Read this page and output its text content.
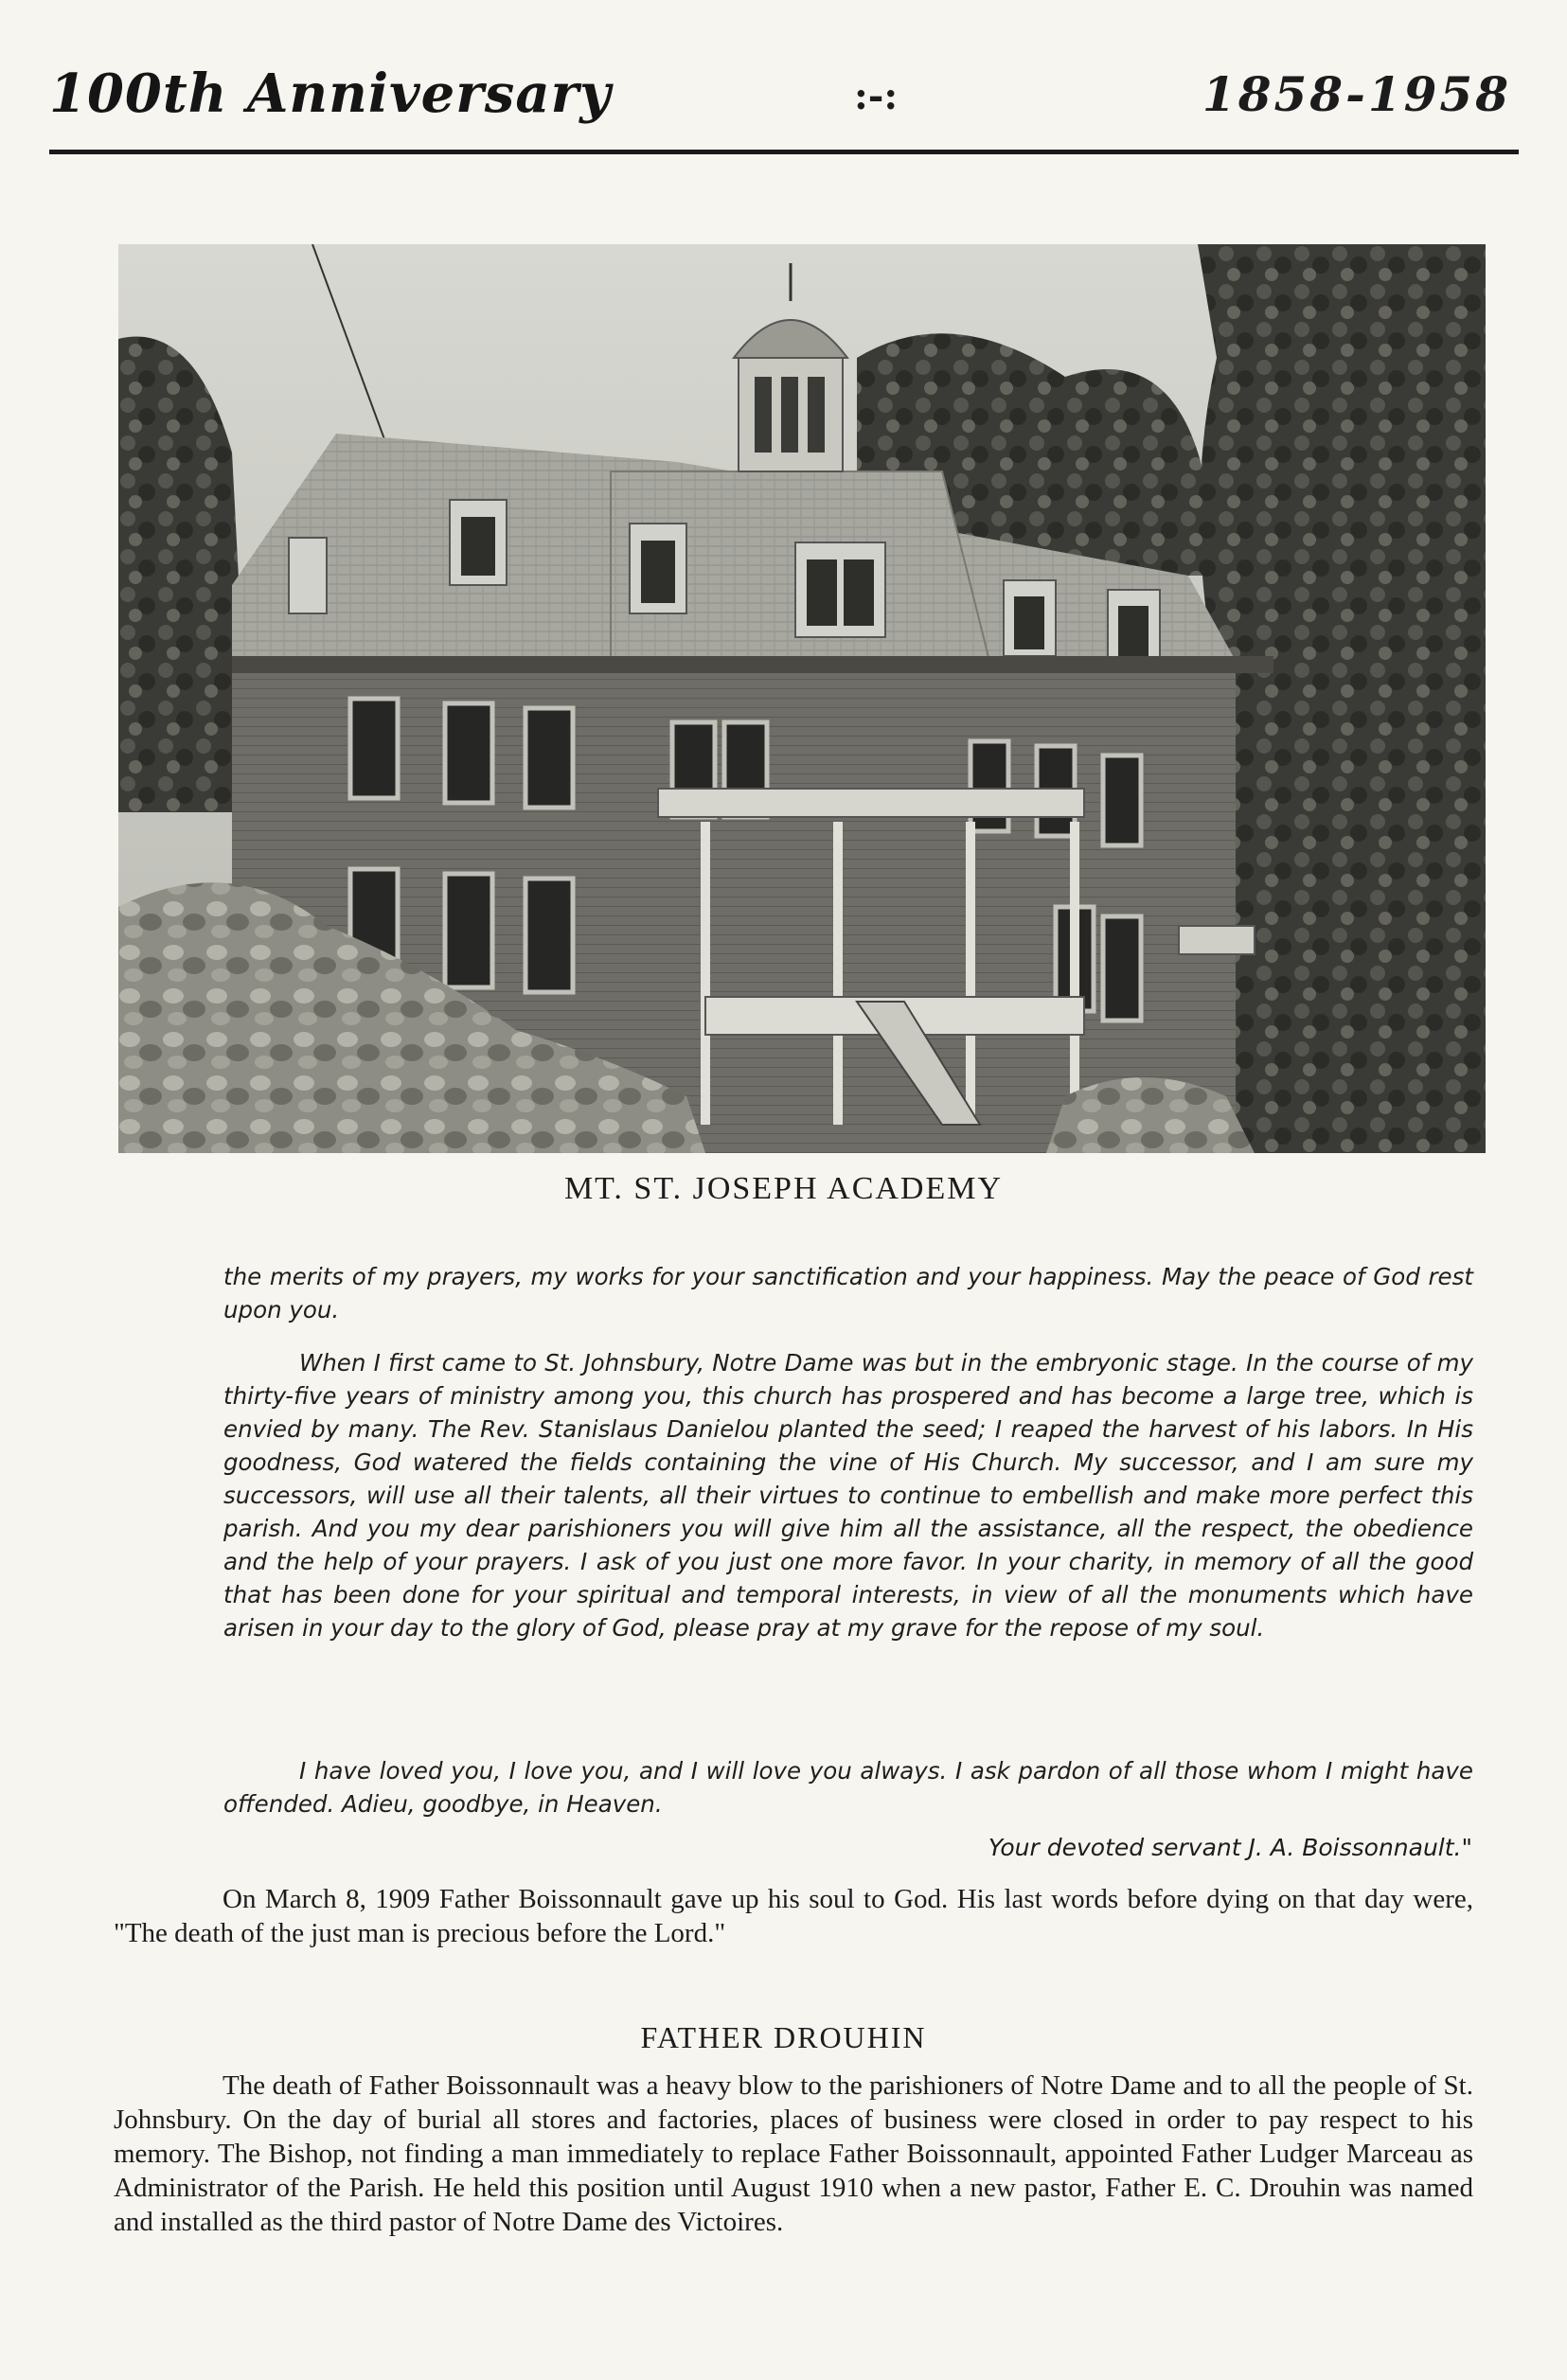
100th Anniversary	:-:	1858-1958
MT. ST. JOSEPH ACADEMY

the merits of my prayers, my works for your sanctification and your happiness. May the peace of God rest upon you.

When I first came to St. Johnsbury, Notre Dame was but in the embryonic stage. In the course of my thirty-five years of ministry among you, this church has prospered and has become a large tree, which is envied by many. The Rev. Stanislaus Danielou planted the seed; I reaped the harvest of his labors. In His goodness, God watered the fields containing the vine of His Church. My successor, and I am sure my successors, will use all their talents, all their virtues to continue to embellish and make more perfect this parish. And you my dear parishioners you will give him all the assistance, all the respect, the obedience and the help of your prayers. I ask of you just one more favor. In your charity, in memory of all the good that has been done for your spiritual and temporal interests, in view of all the monuments which have arisen in your day to the glory of God, please pray at my grave for the repose of my soul.

I have loved you, I love you, and I will love you always. I ask pardon of all those whom I might have offended. Adieu, goodbye, in Heaven.

Your devoted servant J. A. Boissonnault."

On March 8, 1909 Father Boissonnault gave up his soul to God. His last words before dying on that day were, "The death of the just man is precious before the Lord."

FATHER DROUHIN

The death of Father Boissonnault was a heavy blow to the parishioners of Notre Dame and to all the people of St. Johnsbury. On the day of burial all stores and factories, places of business were closed in order to pay respect to his memory. The Bishop, not finding a man immediately to replace Father Boissonnault, appointed Father Ludger Marceau as Administrator of the Parish. He held this position until August 1910 when a new pastor, Father E. C. Drouhin was named and installed as the third pastor of Notre Dame des Victoires.
